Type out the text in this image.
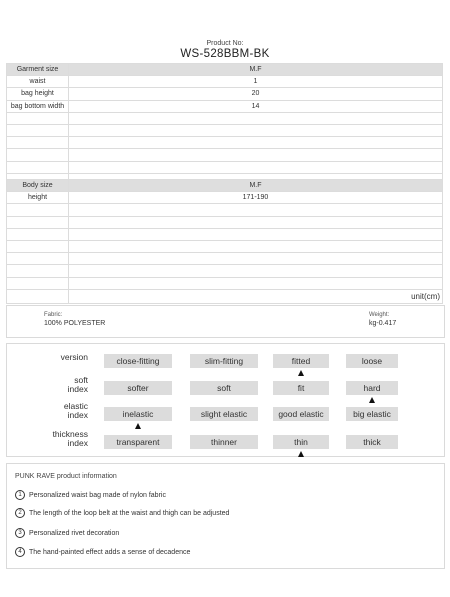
Product No:
WS-528BBM-BK
Garment size	M.F
waist	1
bag height	20
bag bottom width	14

Body size	M.F
height	171-190

	unit(cm)
Fabric:
100% POLYESTER
Weight:
kg-0.417
version	close-fitting	slim-fitting	fitted	loose
soft
index	softer	soft	fit	hard
elastic
index	inelastic	slight elastic	good elastic	big elastic
thickness
index	transparent	thinner	thin	thick
PUNK RAVE product information
1 Personalized waist bag made of nylon fabric
2 The length of the loop belt at the waist and thigh can be adjusted
3 Personalized rivet decoration
4 The hand-painted effect adds a sense of decadence
